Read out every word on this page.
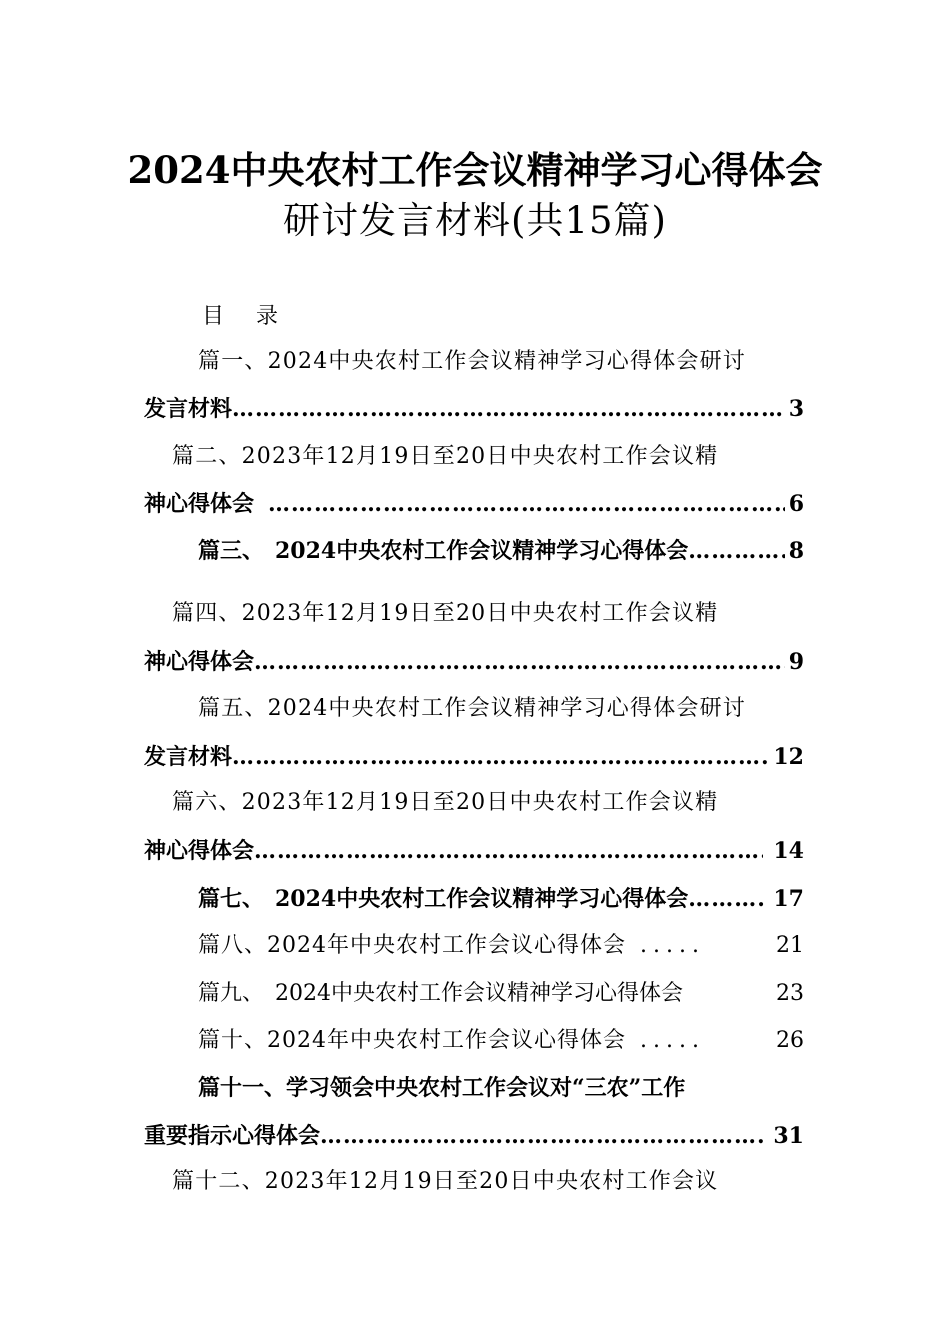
2024中央农村工作会议精神学习心得体会
研讨发言材料(共15篇)
目 录
篇一、2024中央农村工作会议精神学习心得体会研讨
发言材料 ……………………………………………………………………………………………………………………	3
篇二、2023年12月19日至20日中央农村工作会议精
神心得体会 ……………………………………………………………………………………………………………………	6
篇三、　2024中央农村工作会议精神学习心得体会 ……………………………………………………………………………………………………………………	8
篇四、2023年12月19日至20日中央农村工作会议精
神心得体会 ……………………………………………………………………………………………………………………	9
篇五、2024中央农村工作会议精神学习心得体会研讨
发言材料 ……………………………………………………………………………………………………………………	12
篇六、2023年12月19日至20日中央农村工作会议精
神心得体会 ……………………………………………………………………………………………………………………	14
篇七、　2024中央农村工作会议精神学习心得体会 ……………………………………………………………………………………………………………………	17
篇八、2024年中央农村工作会议心得体会 .....	21
篇九、　2024中央农村工作会议精神学习心得体会	23
篇十、2024年中央农村工作会议心得体会 .....	26
篇十一、学习领会中央农村工作会议对“三农”工作
重要指示心得体会 ……………………………………………………………………………………………………………………	31
篇十二、2023年12月19日至20日中央农村工作会议
